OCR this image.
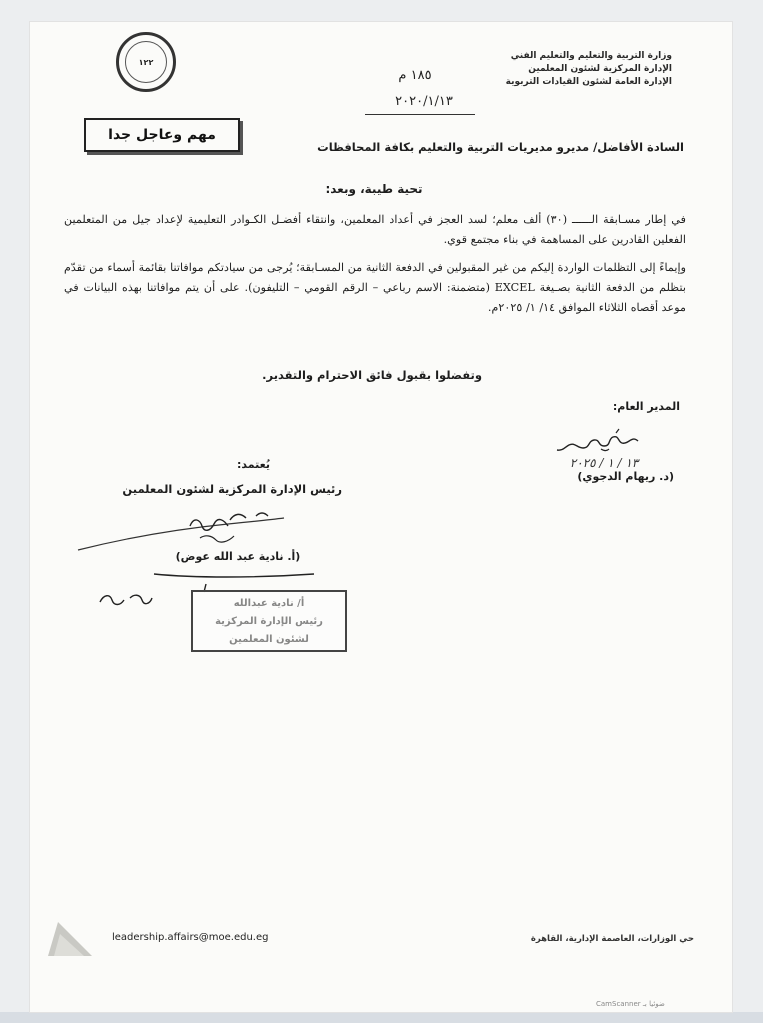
١٢٢
وزارة التربية والتعليم والتعليم الفني
الإدارة المركزية لشئون المعلمين
الإدارة العامة لشئون القيادات التربوية
١٨٥ م
٢٠٢٠/١/١٣
مهم وعاجل جدا
السادة الأفاضل/ مديرو مديريات التربية والتعليم بكافة المحافظات
تحية طيبة، وبعد:
في إطار مسـابقة الــــــ (٣٠) ألف معلم؛ لسد العجز في أعداد المعلمين، وانتقاء أفضـل الكـوادر التعليمية لإعداد جيل من المتعلمين الفعلين القادرين على المساهمة في بناء مجتمع قوي.
وإيماءً إلى التظلمات الواردة إليكم من غير المقبولين في الدفعة الثانية من المسـابقة؛ يُرجى من سيادتكم موافاتنا بقائمة أسماء من تقدّم بتظلم من الدفعة الثانية بصـيغة EXCEL (متضمنة: الاسم رباعي – الرقم القومي – التليفون). على أن يتم موافاتنا بهذه البيانات في موعد أقصاه الثلاثاء الموافق ١٤/ ١/ ٢٠٢٥م.
وتفضلوا بقبول فائق الاحترام والتقدير.
المدير العام:
١٣ / ١ / ٢٠٢٥
(د. ريهام الدجوي)
يُعتمد:
رئيس الإدارة المركزية لشئون المعلمين
(أ. نادية عبد الله عوض)
أ/ نادية عبدالله
رئيس الإدارة المركزية
لشئون المعلمين
leadership.affairs@moe.edu.eg	حي الوزارات، العاصمة الإدارية، القاهرة
CamScanner ضوئيا بـ
